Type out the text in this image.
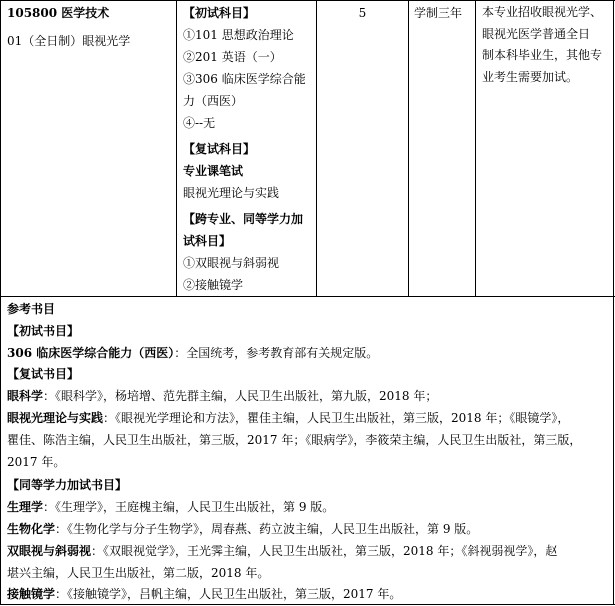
105800 医学技术
01（全日制）眼视光学
【初试科目】
①101 思想政治理论
②201 英语（一）
③306 临床医学综合能
力（西医）
④--无
【复试科目】
专业课笔试
眼视光理论与实践
【跨专业、同等学力加
试科目】
①双眼视与斜弱视
②接触镜学
5	学制三年	本专业招收眼视光学、
眼视光医学普通全日
制本科毕业生，其他专
业考生需要加试。

参考书目

【初试书目】

306 临床医学综合能力（西医）：全国统考，参考教育部有关规定版。

【复试书目】

眼科学：《眼科学》，杨培增、范先群主编，人民卫生出版社，第九版，2018 年；

眼视光理论与实践：《眼视光学理论和方法》，瞿佳主编，人民卫生出版社，第三版，2018 年；《眼镜学》，

瞿佳、陈浩主编，人民卫生出版社，第三版，2017 年；《眼病学》，李筱荣主编，人民卫生出版社，第三版，

2017 年。

【同等学力加试书目】

生理学：《生理学》，王庭槐主编，人民卫生出版社，第 9 版。

生物化学：《生物化学与分子生物学》，周春燕、药立波主编，人民卫生出版社，第 9 版。

双眼视与斜弱视：《双眼视觉学》，王光霁主编，人民卫生出版社，第三版，2018 年；《斜视弱视学》，赵

堪兴主编，人民卫生出版社，第二版，2018 年。

接触镜学：《接触镜学》，吕帆主编，人民卫生出版社，第三版，2017 年。
